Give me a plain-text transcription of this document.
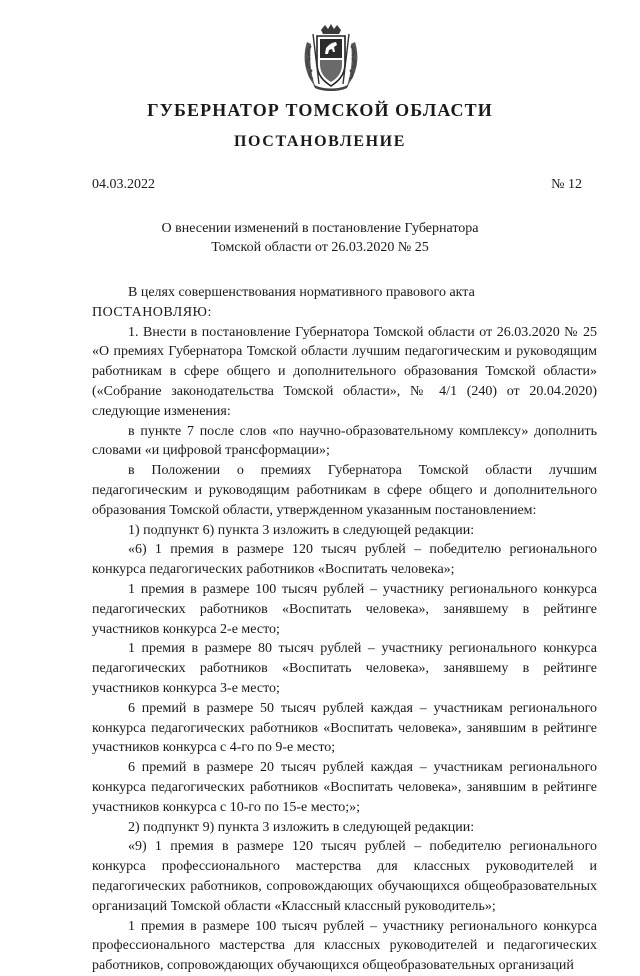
ГУБЕРНАТОР ТОМСКОЙ ОБЛАСТИ
ПОСТАНОВЛЕНИЕ
04.03.2022	№ 12
О внесении изменений в постановление Губернатора
Томской области от 26.03.2020 № 25

В целях совершенствования нормативного правового акта

ПОСТАНОВЛЯЮ:

1. Внести в постановление Губернатора Томской области от 26.03.2020 № 25 «О премиях Губернатора Томской области лучшим педагогическим и руководящим работникам в сфере общего и дополнительного образования Томской области» («Собрание законодательства Томской области», № 4/1 (240) от 20.04.2020) следующие изменения:

в пункте 7 после слов «по научно-образовательному комплексу» дополнить словами «и цифровой трансформации»;

в Положении о премиях Губернатора Томской области лучшим педагогическим и руководящим работникам в сфере общего и дополнительного образования Томской области, утвержденном указанным постановлением:

1) подпункт 6) пункта 3 изложить в следующей редакции:

«6) 1 премия в размере 120 тысяч рублей – победителю регионального конкурса педагогических работников «Воспитать человека»;

1 премия в размере 100 тысяч рублей – участнику регионального конкурса педагогических работников «Воспитать человека», занявшему в рейтинге участников конкурса 2-е место;

1 премия в размере 80 тысяч рублей – участнику регионального конкурса педагогических работников «Воспитать человека», занявшему в рейтинге участников конкурса 3-е место;

6 премий в размере 50 тысяч рублей каждая – участникам регионального конкурса педагогических работников «Воспитать человека», занявшим в рейтинге участников конкурса с 4-го по 9-е место;

6 премий в размере 20 тысяч рублей каждая – участникам регионального конкурса педагогических работников «Воспитать человека», занявшим в рейтинге участников конкурса с 10-го по 15-е место;»;

2) подпункт 9) пункта 3 изложить в следующей редакции:

«9) 1 премия в размере 120 тысяч рублей – победителю регионального конкурса профессионального мастерства для классных руководителей и педагогических работников, сопровождающих обучающихся общеобразовательных организаций Томской области «Классный классный руководитель»;

1 премия в размере 100 тысяч рублей – участнику регионального конкурса профессионального мастерства для классных руководителей и педагогических работников, сопровождающих обучающихся общеобразовательных организаций
